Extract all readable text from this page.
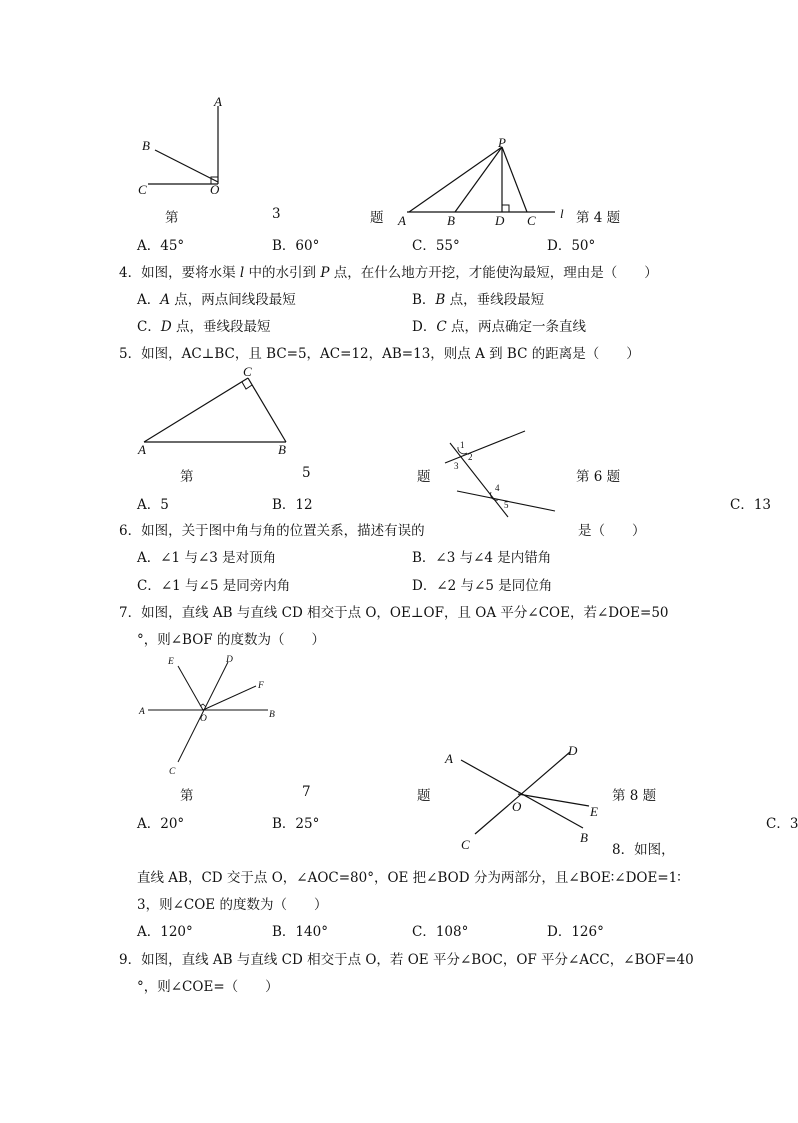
A
B
C	O
第	3	题
P
A	B	D C l 第 4 题
A．45°	B．60°	C．55°	D．50°
4．如图，要将水渠 l 中的水引到 P 点，在什么地方开挖，才能使沟最短，理由是（　　）
A．A 点，两点间线段最短	B．B 点，垂线段最短
C．D 点，垂线段最短	D．C 点，两点确定一条直线
5．如图，AC⊥BC，且 BC=5，AC=12，AB=13，则点 A 到 BC 的距离是（　　）
C
A	B	1
2
3
4
5
第	5	题	第 6 题
A．5	B．12	C．13
6．如图，关于图中角与角的位置关系，描述有误的	是（　　）
A．∠1 与∠3 是对顶角	B．∠3 与∠4 是内错角
C．∠1 与∠5 是同旁内角	D．∠2 与∠5 是同位角
7．如图，直线 AB 与直线 CD 相交于点 O，OE⊥OF，且 OA 平分∠COE，若∠DOE=50
°，则∠BOF 的度数为（　　）
E	D
F
A	B
O
C
A
D
E
B
O
C
第	7	题	第 8 题
A．20°	B．25°	C．3
8．如图，
直线 AB，CD 交于点 O，∠AOC=80°，OE 把∠BOD 分为两部分，且∠BOE∶∠DOE=1∶
3，则∠COE 的度数为（　　）
A．120°	B．140°	C．108°	D．126°
9．如图，直线 AB 与直线 CD 相交于点 O，若 OE 平分∠BOC，OF 平分∠ACC，∠BOF=40
°，则∠COE=（　　）
